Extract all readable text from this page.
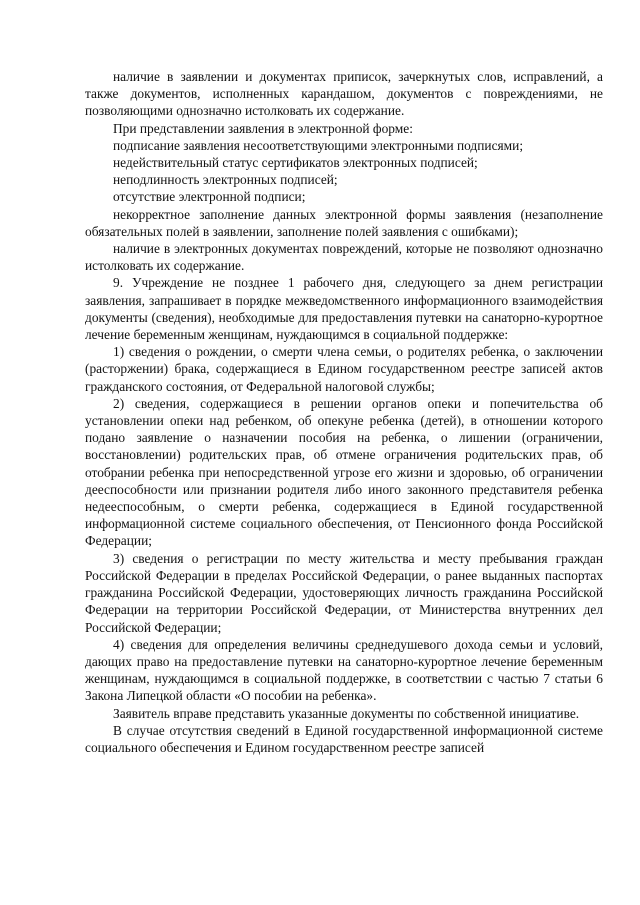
наличие в заявлении и документах приписок, зачеркнутых слов, исправлений, а также документов, исполненных карандашом, документов с повреждениями, не позволяющими однозначно истолковать их содержание.

При представлении заявления в электронной форме:

подписание заявления несоответствующими электронными подписями;

недействительный статус сертификатов электронных подписей;

неподлинность электронных подписей;

отсутствие электронной подписи;

некорректное заполнение данных электронной формы заявления (незаполнение обязательных полей в заявлении, заполнение полей заявления с ошибками);

наличие в электронных документах повреждений, которые не позволяют однозначно истолковать их содержание.

9. Учреждение не позднее 1 рабочего дня, следующего за днем регистрации заявления, запрашивает в порядке межведомственного информационного взаимодействия документы (сведения), необходимые для предоставления путевки на санаторно-курортное лечение беременным женщинам, нуждающимся в социальной поддержке:

1) сведения о рождении, о смерти члена семьи, о родителях ребенка, о заключении (расторжении) брака, содержащиеся в Едином государственном реестре записей актов гражданского состояния, от Федеральной налоговой службы;

2) сведения, содержащиеся в решении органов опеки и попечительства об установлении опеки над ребенком, об опекуне ребенка (детей), в отношении которого подано заявление о назначении пособия на ребенка, о лишении (ограничении, восстановлении) родительских прав, об отмене ограничения родительских прав, об отобрании ребенка при непосредственной угрозе его жизни и здоровью, об ограничении дееспособности или признании родителя либо иного законного представителя ребенка недееспособным, о смерти ребенка, содержащиеся в Единой государственной информационной системе социального обеспечения, от Пенсионного фонда Российской Федерации;

3) сведения о регистрации по месту жительства и месту пребывания граждан Российской Федерации в пределах Российской Федерации, о ранее выданных паспортах гражданина Российской Федерации, удостоверяющих личность гражданина Российской Федерации на территории Российской Федерации, от Министерства внутренних дел Российской Федерации;

4) сведения для определения величины среднедушевого дохода семьи и условий, дающих право на предоставление путевки на санаторно-курортное лечение беременным женщинам, нуждающимся в социальной поддержке, в соответствии с частью 7 статьи 6 Закона Липецкой области «О пособии на ребенка».

Заявитель вправе представить указанные документы по собственной инициативе.

В случае отсутствия сведений в Единой государственной информационной системе социального обеспечения и Едином государственном реестре записей
